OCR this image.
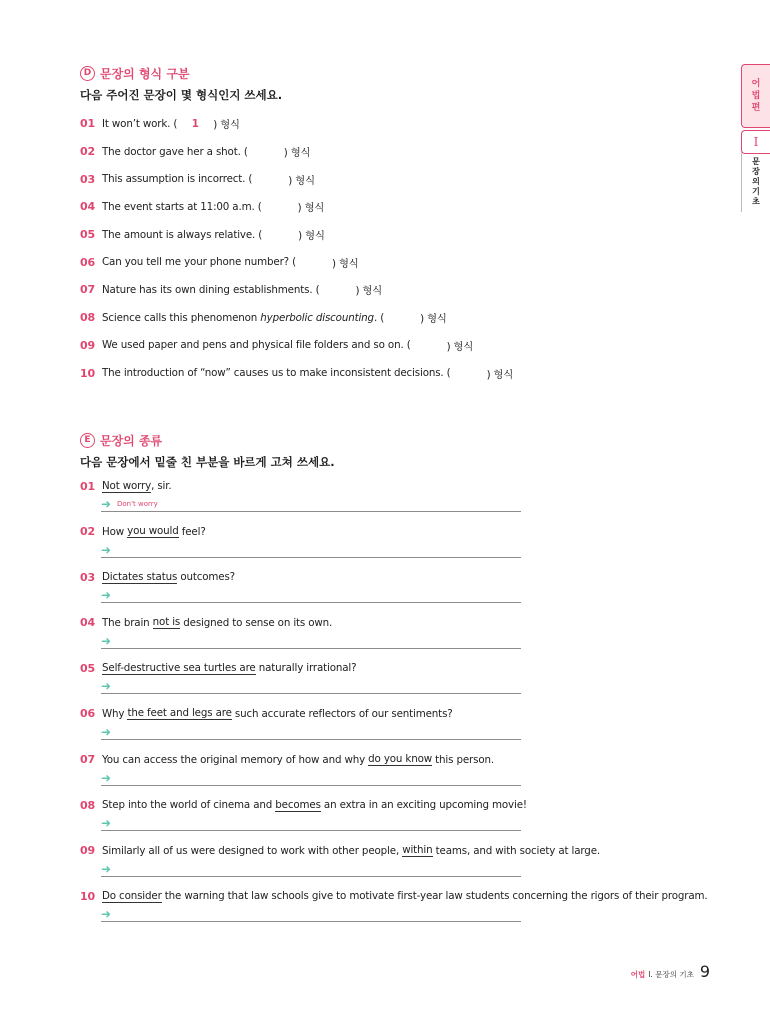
어
법
편
I
문
장
의
기
초
D 문장의 형식 구분
다음 주어진 문장이 몇 형식인지 쓰세요.
01 It won’t work. (	1	) 형식
02 The doctor gave her a shot. (	) 형식
03 This assumption is incorrect. (	) 형식
04 The event starts at 11:00 a.m. (	) 형식
05 The amount is always relative. (	) 형식
06 Can you tell me your phone number? (	) 형식
07 Nature has its own dining establishments. (	) 형식
08 Science calls this phenomenon hyperbolic discounting . (	) 형식
09 We used paper and pens and physical file folders and so on. (	) 형식
10 The introduction of “now” causes us to make inconsistent decisions. (	) 형식
E 문장의 종류
다음 문장에서 밑줄 친 부분을 바르게 고쳐 쓰세요.
01 Not worry , sir.
➜ Don't worry
02 How you would feel?
➜
03 Dictates status outcomes?
➜
04 The brain not is designed to sense on its own.
➜
05 Self-destructive sea turtles are naturally irrational?
➜
06 Why the feet and legs are such accurate reflectors of our sentiments?
➜
07 You can access the original memory of how and why do you know this person.
➜
08 Step into the world of cinema and becomes an extra in an exciting upcoming movie!
➜
09 Similarly all of us were designed to work with other people, within teams, and with society at large.
➜
10 Do consider the warning that law schools give to motivate first-year law students concerning the rigors of their program.
➜
어법 I. 문장의 기초 9
